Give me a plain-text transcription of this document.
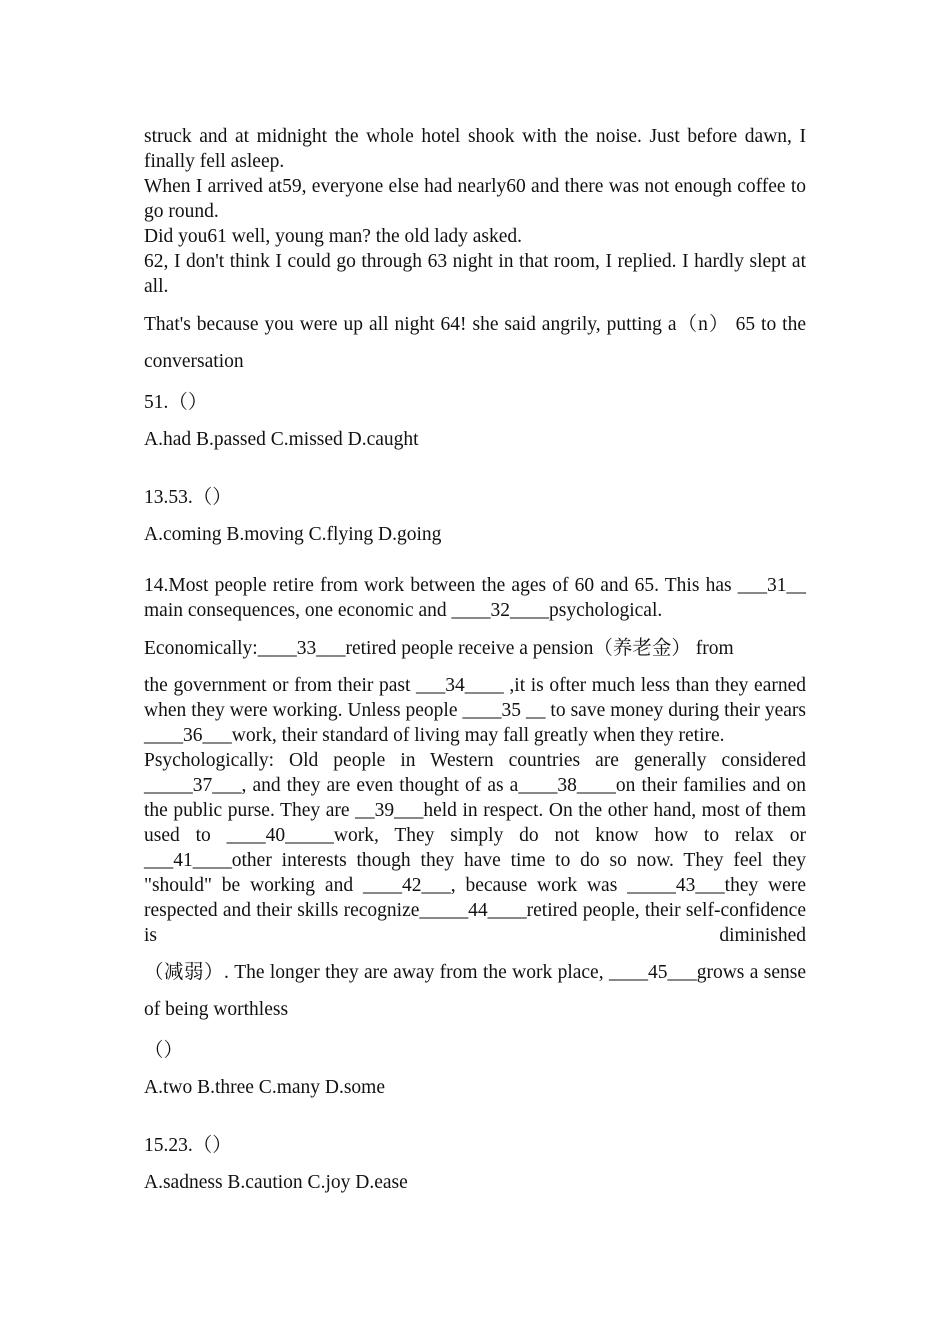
struck and at midnight the whole hotel shook with the noise. Just before dawn, I finally fell asleep.

When I arrived at59, everyone else had nearly60 and there was not enough coffee to go round.

Did you61 well, young man? the old lady asked.

62, I don't think I could go through 63 night in that room, I replied. I hardly slept at all.

That's because you were up all night 64! she said angrily, putting a（n） 65 to the conversation

51.（）

A.had B.passed C.missed D.caught

13.53.（）

A.coming B.moving C.flying D.going

14.Most people retire from work between the ages of 60 and 65. This has ___31__ main consequences, one economic and ____32____psychological.

Economically:____33___retired people receive a pension（养老金） from

the government or from their past ___34____ ,it is ofter much less than they earned when they were working. Unless people ____35 __ to save money during their years ____36___work, their standard of living may fall greatly when they retire.

Psychologically: Old people in Western countries are generally considered _____37___, and they are even thought of as a____38____on their families and on the public purse. They are __39___held in respect. On the other hand, most of them used to ____40_____work, They simply do not know how to relax or ___41____other interests though they have time to do so now. They feel they "should" be working and ____42___, because work was _____43___they were respected and their skills recognize_____44____retired people, their self-confidence is diminished

（减弱）. The longer they are away from the work place, ____45___grows a sense of being worthless

（）

A.two B.three C.many D.some

15.23.（）

A.sadness B.caution C.joy D.ease
